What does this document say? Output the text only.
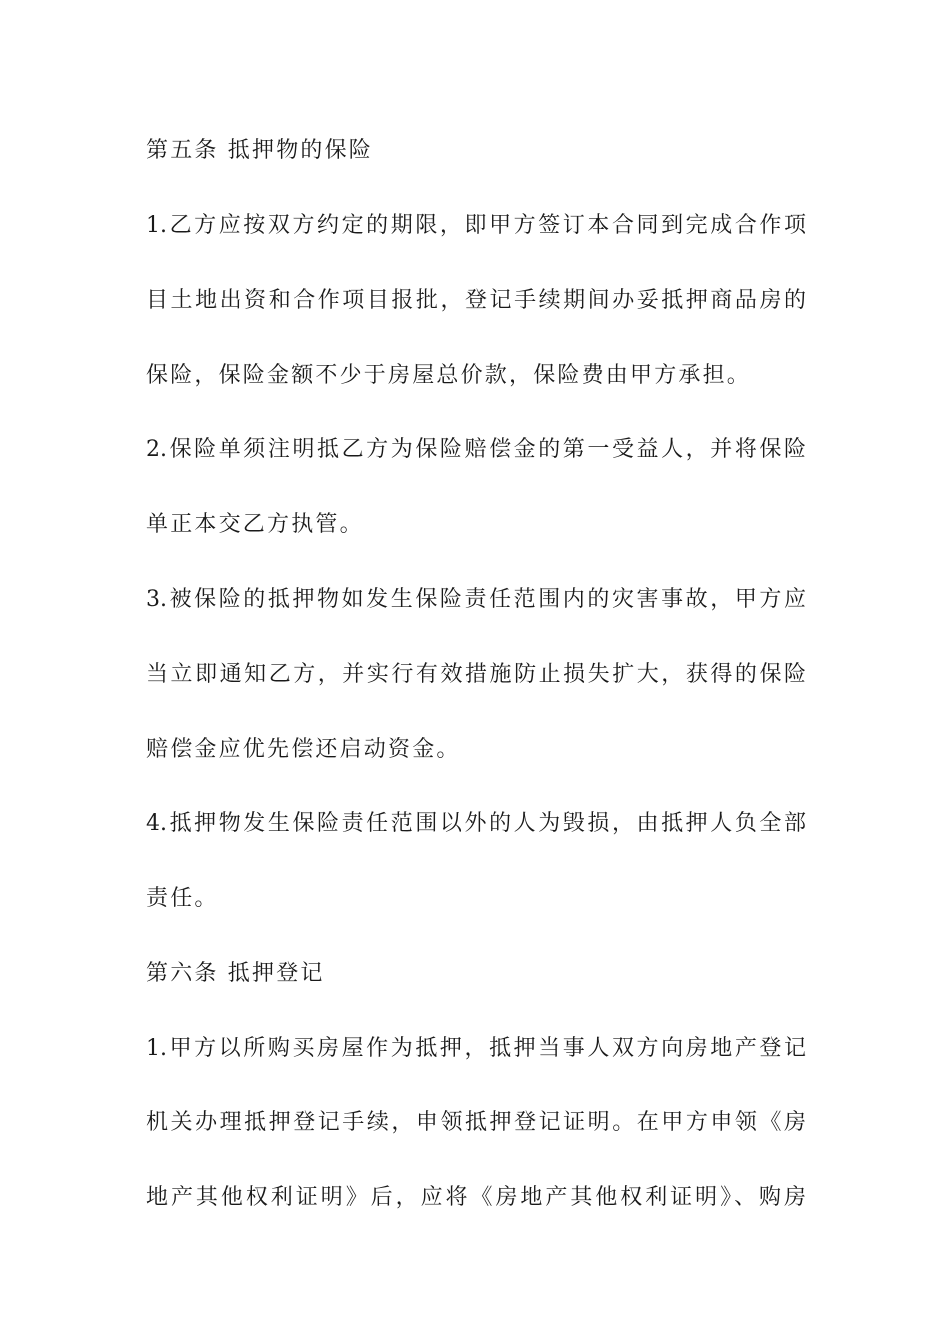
第五条 抵押物的保险
1.乙方应按双方约定的期限，即甲方签订本合同到完成合作项
目土地出资和合作项目报批，登记手续期间办妥抵押商品房的
保险，保险金额不少于房屋总价款，保险费由甲方承担。
2.保险单须注明抵乙方为保险赔偿金的第一受益人，并将保险
单正本交乙方执管。
3.被保险的抵押物如发生保险责任范围内的灾害事故，甲方应
当立即通知乙方，并实行有效措施防止损失扩大，获得的保险
赔偿金应优先偿还启动资金。
4.抵押物发生保险责任范围以外的人为毁损，由抵押人负全部
责任。
第六条 抵押登记
1.甲方以所购买房屋作为抵押，抵押当事人双方向房地产登记
机关办理抵押登记手续，申领抵押登记证明。在甲方申领《房
地产其他权利证明》后，应将《房地产其他权利证明》、购房
